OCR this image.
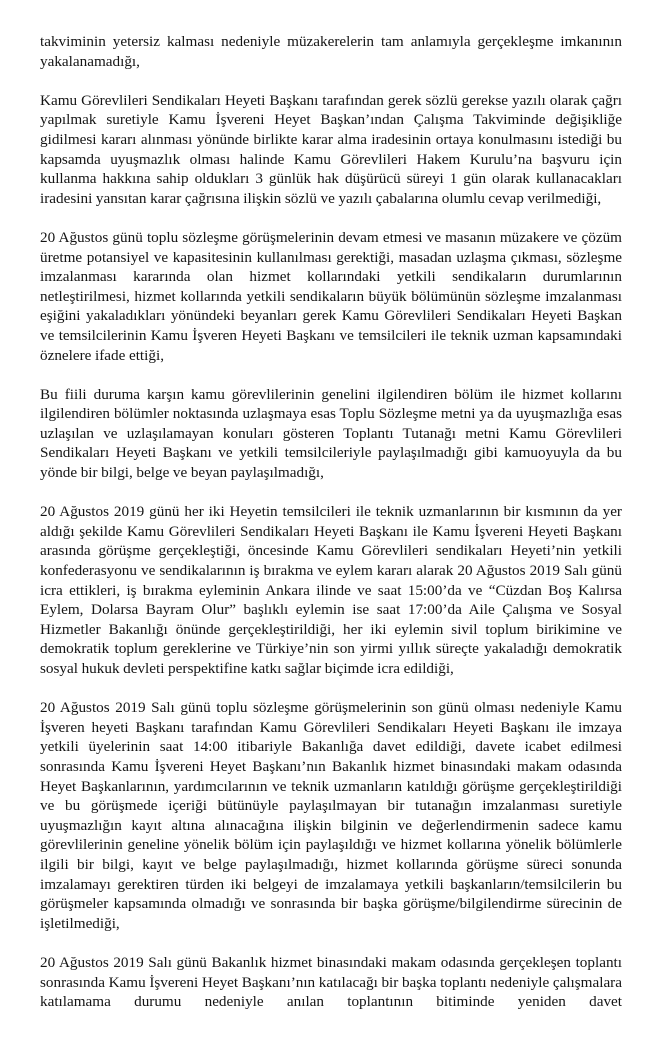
takviminin yetersiz kalması nedeniyle müzakerelerin tam anlamıyla gerçekleşme imkanının yakalanamadığı,

Kamu Görevlileri Sendikaları Heyeti Başkanı tarafından gerek sözlü gerekse yazılı olarak çağrı yapılmak suretiyle Kamu İşvereni Heyet Başkan’ından Çalışma Takviminde değişikliğe gidilmesi kararı alınması yönünde birlikte karar alma iradesinin ortaya konulmasını istediği bu kapsamda uyuşmazlık olması halinde Kamu Görevlileri Hakem Kurulu’na başvuru için kullanma hakkına sahip oldukları 3 günlük hak düşürücü süreyi 1 gün olarak kullanacakları iradesini yansıtan karar çağrısına ilişkin sözlü ve yazılı çabalarına olumlu cevap verilmediği,

20 Ağustos günü toplu sözleşme görüşmelerinin devam etmesi ve masanın müzakere ve çözüm üretme potansiyel ve kapasitesinin kullanılması gerektiği, masadan uzlaşma çıkması, sözleşme imzalanması kararında olan hizmet kollarındaki yetkili sendikaların durumlarının netleştirilmesi, hizmet kollarında yetkili sendikaların büyük bölümünün sözleşme imzalanması eşiğini yakaladıkları yönündeki beyanları gerek Kamu Görevlileri Sendikaları Heyeti Başkan ve temsilcilerinin Kamu İşveren Heyeti Başkanı ve temsilcileri ile teknik uzman kapsamındaki öznelere ifade ettiği,

Bu fiili duruma karşın kamu görevlilerinin genelini ilgilendiren bölüm ile hizmet kollarını ilgilendiren bölümler noktasında uzlaşmaya esas Toplu Sözleşme metni ya da uyuşmazlığa esas uzlaşılan ve uzlaşılamayan konuları gösteren Toplantı Tutanağı metni Kamu Görevlileri Sendikaları Heyeti Başkanı ve yetkili temsilcileriyle paylaşılmadığı gibi kamuoyuyla da bu yönde bir bilgi, belge ve beyan paylaşılmadığı,

20 Ağustos 2019 günü her iki Heyetin temsilcileri ile teknik uzmanlarının bir kısmının da yer aldığı şekilde Kamu Görevlileri Sendikaları Heyeti Başkanı ile Kamu İşvereni Heyeti Başkanı arasında görüşme gerçekleştiği, öncesinde Kamu Görevlileri sendikaları Heyeti’nin yetkili konfederasyonu ve sendikalarının iş bırakma ve eylem kararı alarak 20 Ağustos 2019 Salı günü icra ettikleri, iş bırakma eyleminin Ankara ilinde ve saat 15:00’da ve “Cüzdan Boş Kalırsa Eylem, Dolarsa Bayram Olur” başlıklı eylemin ise saat 17:00’da Aile Çalışma ve Sosyal Hizmetler Bakanlığı önünde gerçekleştirildiği, her iki eylemin sivil toplum birikimine ve demokratik toplum gereklerine ve Türkiye’nin son yirmi yıllık süreçte yakaladığı demokratik sosyal hukuk devleti perspektifine katkı sağlar biçimde icra edildiği,

20 Ağustos 2019 Salı günü toplu sözleşme görüşmelerinin son günü olması nedeniyle Kamu İşveren heyeti Başkanı tarafından Kamu Görevlileri Sendikaları Heyeti Başkanı ile imzaya yetkili üyelerinin saat 14:00 itibariyle Bakanlığa davet edildiği, davete icabet edilmesi sonrasında Kamu İşvereni Heyet Başkanı’nın Bakanlık hizmet binasındaki makam odasında Heyet Başkanlarının, yardımcılarının ve teknik uzmanların katıldığı görüşme gerçekleştirildiği ve bu görüşmede içeriği bütünüyle paylaşılmayan bir tutanağın imzalanması suretiyle uyuşmazlığın kayıt altına alınacağına ilişkin bilginin ve değerlendirmenin sadece kamu görevlilerinin geneline yönelik bölüm için paylaşıldığı ve hizmet kollarına yönelik bölümlerle ilgili bir bilgi, kayıt ve belge paylaşılmadığı, hizmet kollarında görüşme süreci sonunda imzalamayı gerektiren türden iki belgeyi de imzalamaya yetkili başkanların/temsilcilerin bu görüşmeler kapsamında olmadığı ve sonrasında bir başka görüşme/bilgilendirme sürecinin de işletilmediği,

20 Ağustos 2019 Salı günü Bakanlık hizmet binasındaki makam odasında gerçekleşen toplantı sonrasında Kamu İşvereni Heyet Başkanı’nın katılacağı bir başka toplantı nedeniyle çalışmalara katılamama durumu nedeniyle anılan toplantının bitiminde yeniden davet
